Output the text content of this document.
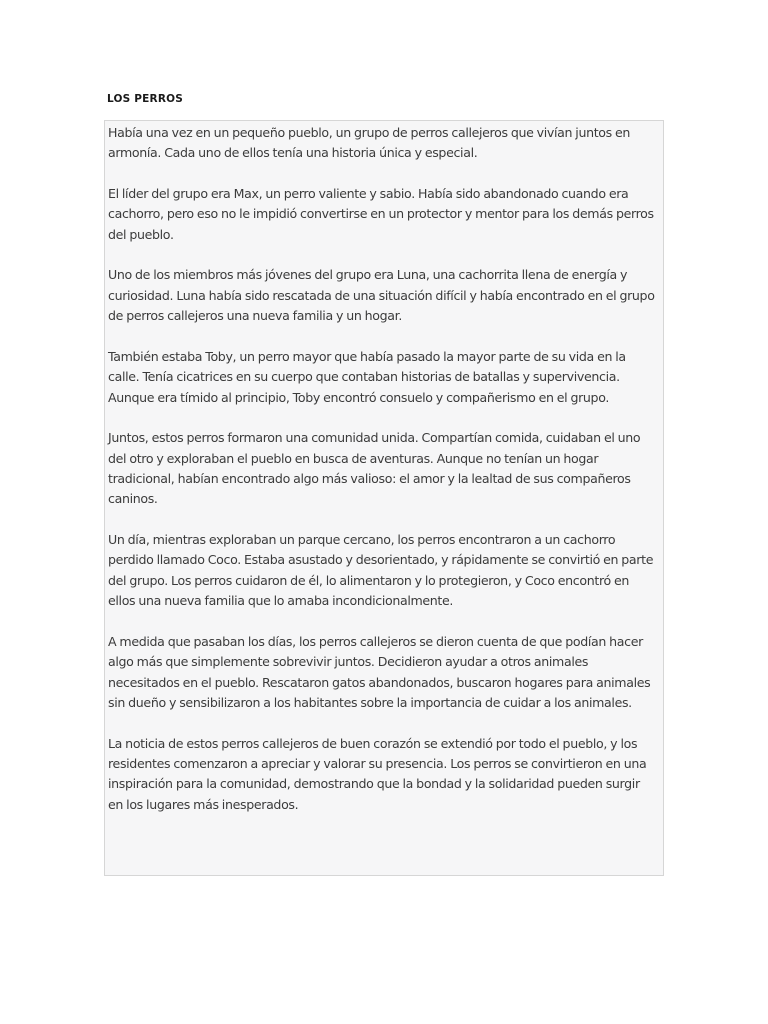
LOS PERROS

Había una vez en un pequeño pueblo, un grupo de perros callejeros que vivían juntos en armonía. Cada uno de ellos tenía una historia única y especial.

El líder del grupo era Max, un perro valiente y sabio. Había sido abandonado cuando era cachorro, pero eso no le impidió convertirse en un protector y mentor para los demás perros del pueblo.

Uno de los miembros más jóvenes del grupo era Luna, una cachorrita llena de energía y curiosidad. Luna había sido rescatada de una situación difícil y había encontrado en el grupo de perros callejeros una nueva familia y un hogar.

También estaba Toby, un perro mayor que había pasado la mayor parte de su vida en la calle. Tenía cicatrices en su cuerpo que contaban historias de batallas y supervivencia. Aunque era tímido al principio, Toby encontró consuelo y compañerismo en el grupo.

Juntos, estos perros formaron una comunidad unida. Compartían comida, cuidaban el uno del otro y exploraban el pueblo en busca de aventuras. Aunque no tenían un hogar tradicional, habían encontrado algo más valioso: el amor y la lealtad de sus compañeros caninos.

Un día, mientras exploraban un parque cercano, los perros encontraron a un cachorro perdido llamado Coco. Estaba asustado y desorientado, y rápidamente se convirtió en parte del grupo. Los perros cuidaron de él, lo alimentaron y lo protegieron, y Coco encontró en ellos una nueva familia que lo amaba incondicionalmente.

A medida que pasaban los días, los perros callejeros se dieron cuenta de que podían hacer algo más que simplemente sobrevivir juntos. Decidieron ayudar a otros animales necesitados en el pueblo. Rescataron gatos abandonados, buscaron hogares para animales sin dueño y sensibilizaron a los habitantes sobre la importancia de cuidar a los animales.

La noticia de estos perros callejeros de buen corazón se extendió por todo el pueblo, y los residentes comenzaron a apreciar y valorar su presencia. Los perros se convirtieron en una inspiración para la comunidad, demostrando que la bondad y la solidaridad pueden surgir en los lugares más inesperados.
